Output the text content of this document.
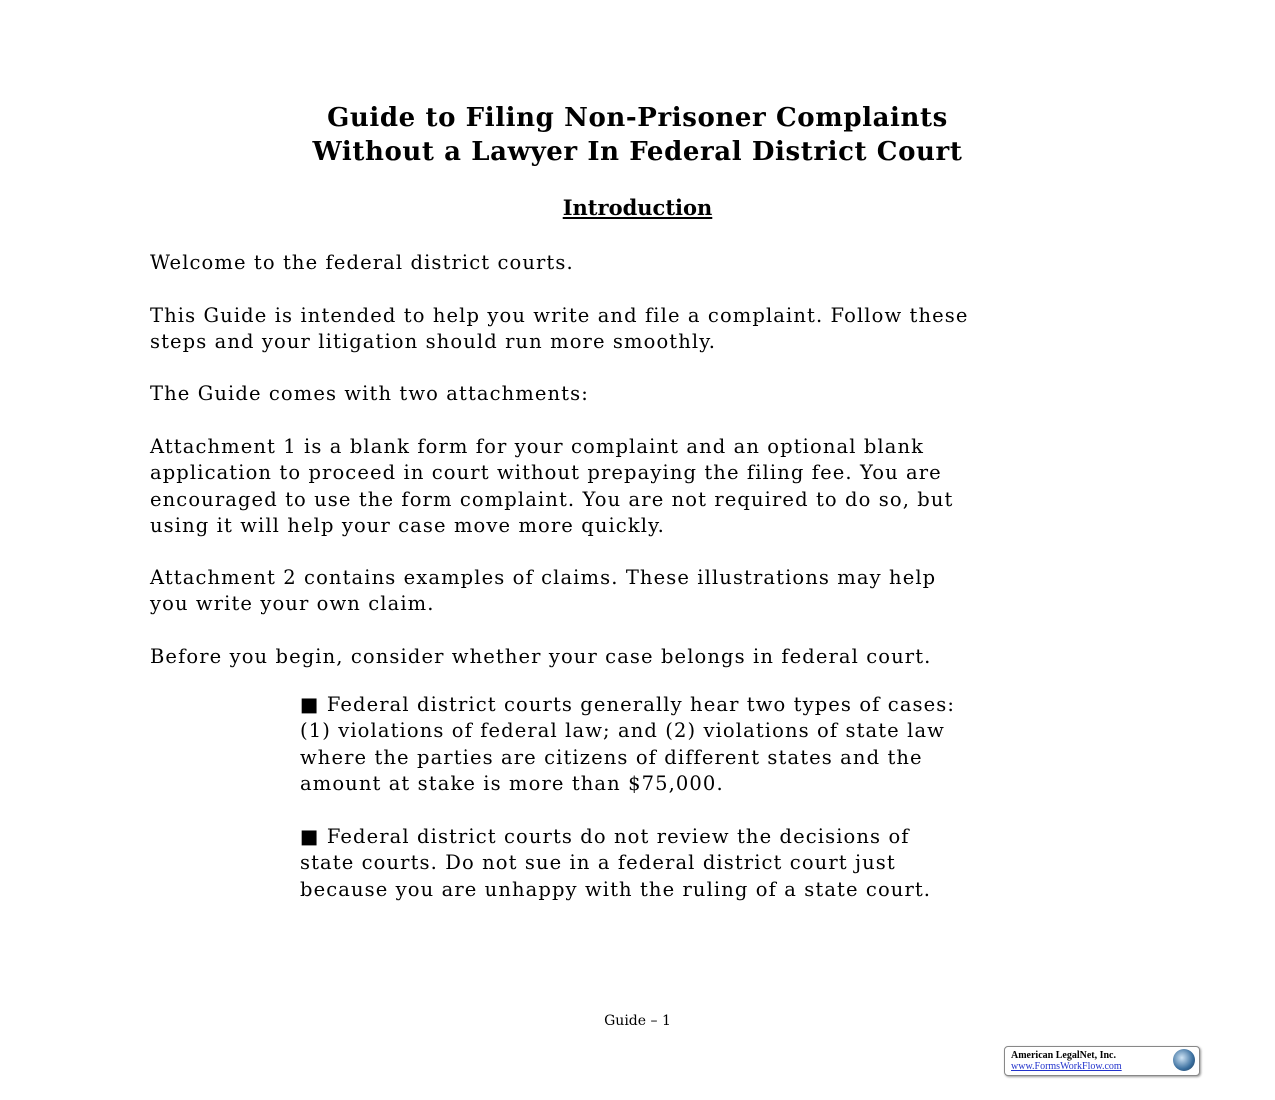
Guide to Filing Non-Prisoner Complaints
Without a Lawyer In Federal District Court
Introduction
Welcome to the federal district courts.
This Guide is intended to help you write and file a complaint. Follow these
steps and your litigation should run more smoothly.
The Guide comes with two attachments:
Attachment 1 is a blank form for your complaint and an optional blank
application to proceed in court without prepaying the filing fee. You are
encouraged to use the form complaint. You are not required to do so, but
using it will help your case move more quickly.
Attachment 2 contains examples of claims. These illustrations may help
you write your own claim.
Before you begin, consider whether your case belongs in federal court.
■ Federal district courts generally hear two types of cases:
(1) violations of federal law; and (2) violations of state law
where the parties are citizens of different states and the
amount at stake is more than $75,000.
■ Federal district courts do not review the decisions of
state courts. Do not sue in a federal district court just
because you are unhappy with the ruling of a state court.
Guide – 1
American LegalNet, Inc.
www.FormsWorkFlow.com
